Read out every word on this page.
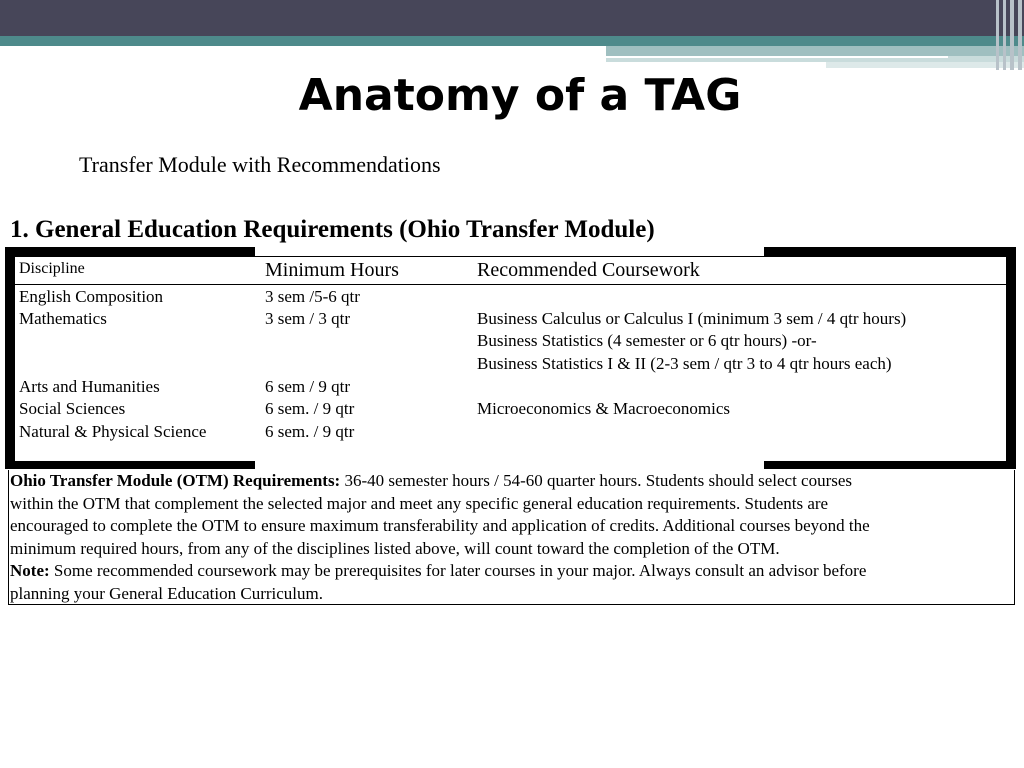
Anatomy of a TAG
Transfer Module with Recommendations
1. General Education Requirements (Ohio Transfer Module)
Discipline	Minimum Hours	Recommended Coursework
English Composition	3 sem /5-6 qtr
Mathematics	3 sem / 3 qtr	Business Calculus or Calculus I (minimum 3 sem / 4 qtr hours)
Business Statistics (4 semester or 6 qtr hours) -or-
Business Statistics I & II (2-3 sem / qtr 3 to 4 qtr hours each)
Arts and Humanities	6 sem / 9 qtr
Social Sciences	6 sem. / 9 qtr	Microeconomics & Macroeconomics
Natural & Physical Science	6 sem. / 9 qtr

Ohio Transfer Module (OTM) Requirements: 36-40 semester hours / 54-60 quarter hours. Students should select courses

within the OTM that complement the selected major and meet any specific general education requirements. Students are

encouraged to complete the OTM to ensure maximum transferability and application of credits. Additional courses beyond the

minimum required hours, from any of the disciplines listed above, will count toward the completion of the OTM.

Note: Some recommended coursework may be prerequisites for later courses in your major. Always consult an advisor before

planning your General Education Curriculum.
